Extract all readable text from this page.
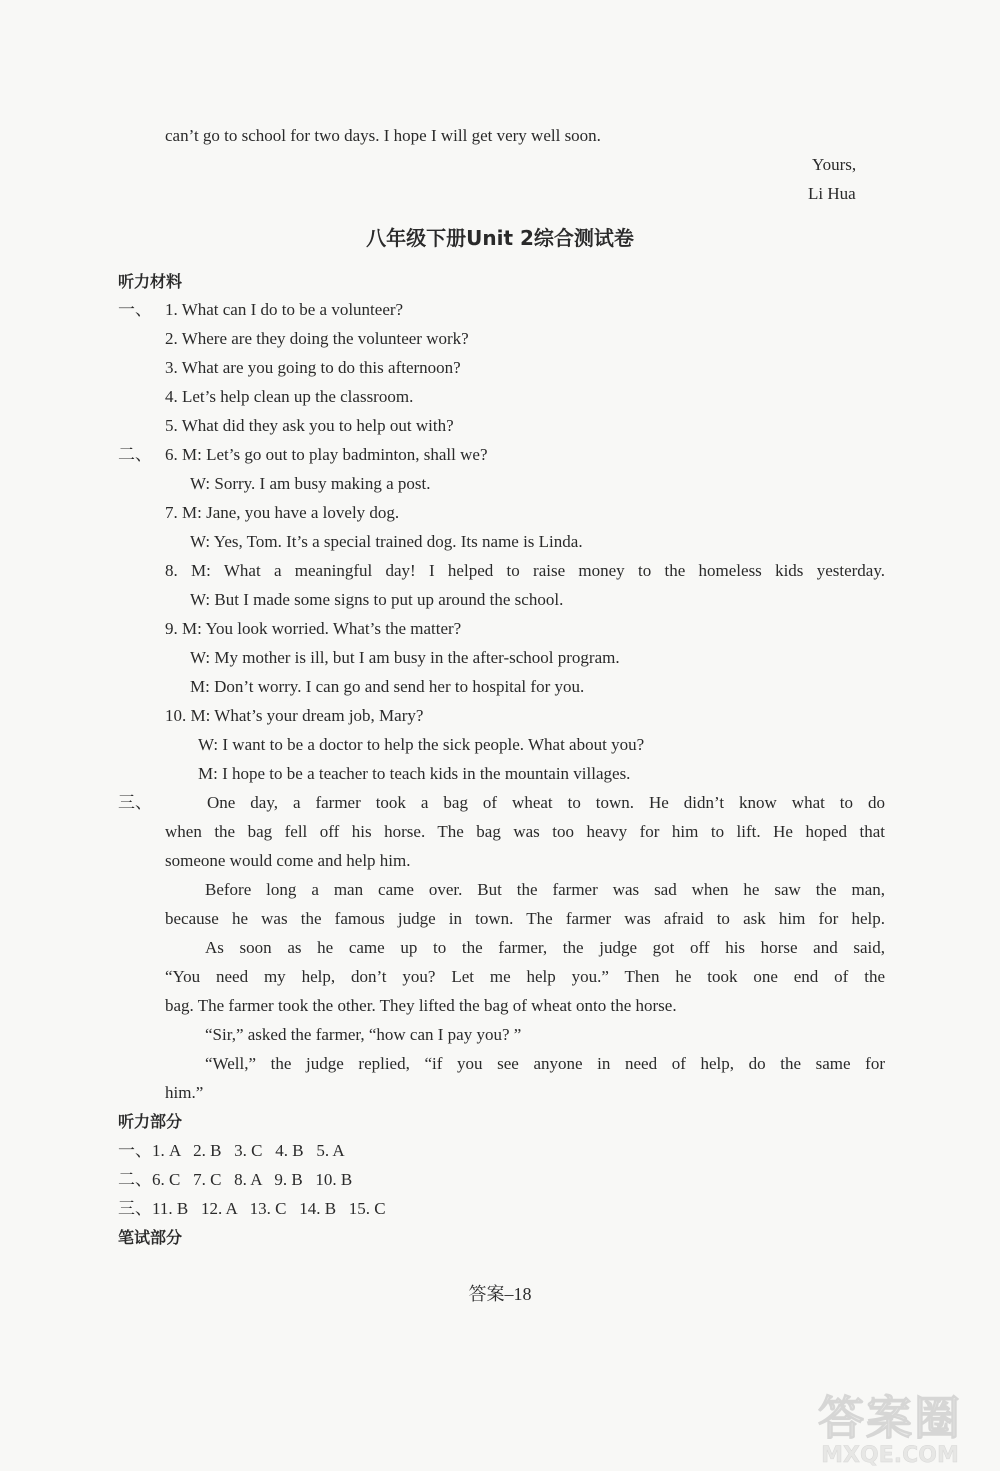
can’t go to school for two days. I hope I will get very well soon.
Yours,
Li Hua
八年级下册Unit 2综合测试卷
听力材料
一、 1. What can I do to be a volunteer?
2. Where are they doing the volunteer work?
3. What are you going to do this afternoon?
4. Let’s help clean up the classroom.
5. What did they ask you to help out with?
二、 6. M: Let’s go out to play badminton, shall we?
W: Sorry. I am busy making a post.
7. M: Jane, you have a lovely dog.
W: Yes, Tom. It’s a special trained dog. Its name is Linda.
8. M: What a meaningful day! I helped to raise money to the homeless kids yesterday.
W: But I made some signs to put up around the school.
9. M: You look worried. What’s the matter?
W: My mother is ill, but I am busy in the after-school program.
M: Don’t worry. I can go and send her to hospital for you.
10. M: What’s your dream job, Mary?
W: I want to be a doctor to help the sick people. What about you?
M: I hope to be a teacher to teach kids in the mountain villages.
三、	One day, a farmer took a bag of wheat to town. He didn’t know what to do
when the bag fell off his horse. The bag was too heavy for him to lift. He hoped that
someone would come and help him.
Before long a man came over. But the farmer was sad when he saw the man,
because he was the famous judge in town. The farmer was afraid to ask him for help.
As soon as he came up to the farmer, the judge got off his horse and said,
“You need my help, don’t you? Let me help you.” Then he took one end of the
bag. The farmer took the other. They lifted the bag of wheat onto the horse.
“Sir,” asked the farmer, “how can I pay you? ”
“Well,” the judge replied, “if you see anyone in need of help, do the same for
him.”
听力部分
一、1. A   2. B   3. C   4. B   5. A
二、6. C   7. C   8. A   9. B   10. B
三、11. B   12. A   13. C   14. B   15. C
笔试部分
答案–18
答案圈
MXQE.COM
